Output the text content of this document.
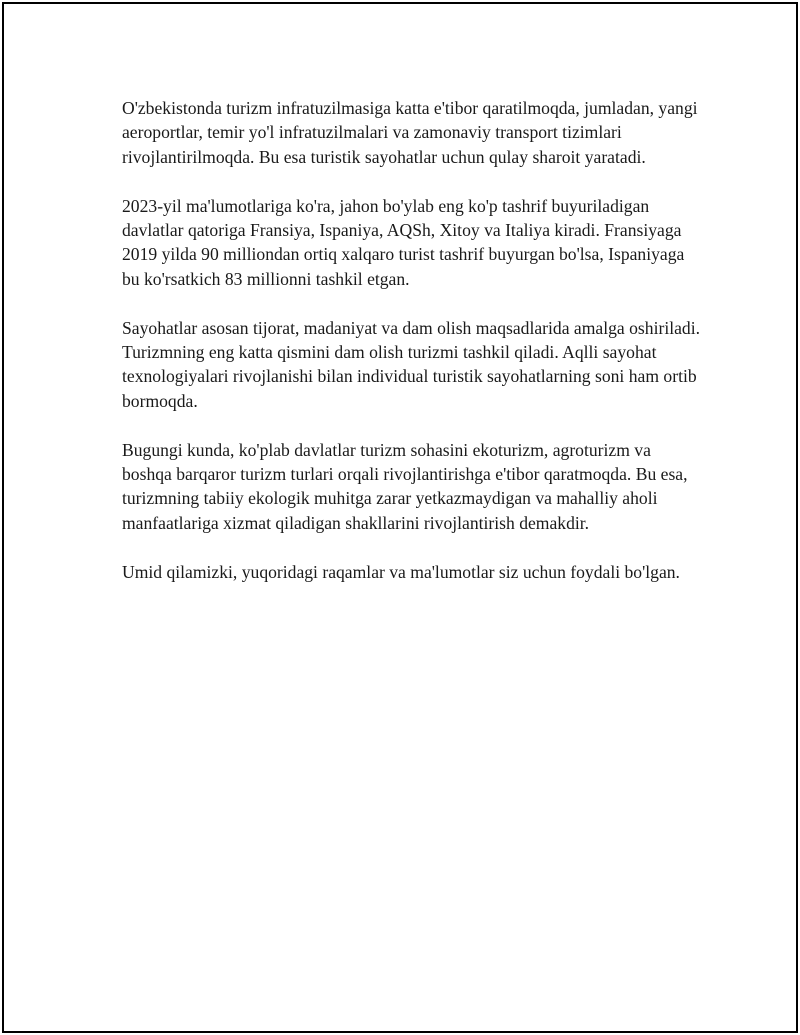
O'zbekistonda turizm infratuzilmasiga katta e'tibor qaratilmoqda, jumladan, yangi aeroportlar, temir yo'l infratuzilmalari va zamonaviy transport tizimlari rivojlantirilmoqda. Bu esa turistik sayohatlar uchun qulay sharoit yaratadi.

2023-yil ma'lumotlariga ko'ra, jahon bo'ylab eng ko'p tashrif buyuriladigan davlatlar qatoriga Fransiya, Ispaniya, AQSh, Xitoy va Italiya kiradi. Fransiyaga 2019 yilda 90 milliondan ortiq xalqaro turist tashrif buyurgan bo'lsa, Ispaniyaga bu ko'rsatkich 83 millionni tashkil etgan.

Sayohatlar asosan tijorat, madaniyat va dam olish maqsadlarida amalga oshiriladi. Turizmning eng katta qismini dam olish turizmi tashkil qiladi. Aqlli sayohat texnologiyalari rivojlanishi bilan individual turistik sayohatlarning soni ham ortib bormoqda.

Bugungi kunda, ko'plab davlatlar turizm sohasini ekoturizm, agroturizm va boshqa barqaror turizm turlari orqali rivojlantirishga e'tibor qaratmoqda. Bu esa, turizmning tabiiy ekologik muhitga zarar yetkazmaydigan va mahalliy aholi manfaatlariga xizmat qiladigan shakllarini rivojlantirish demakdir.

Umid qilamizki, yuqoridagi raqamlar va ma'lumotlar siz uchun foydali bo'lgan.
